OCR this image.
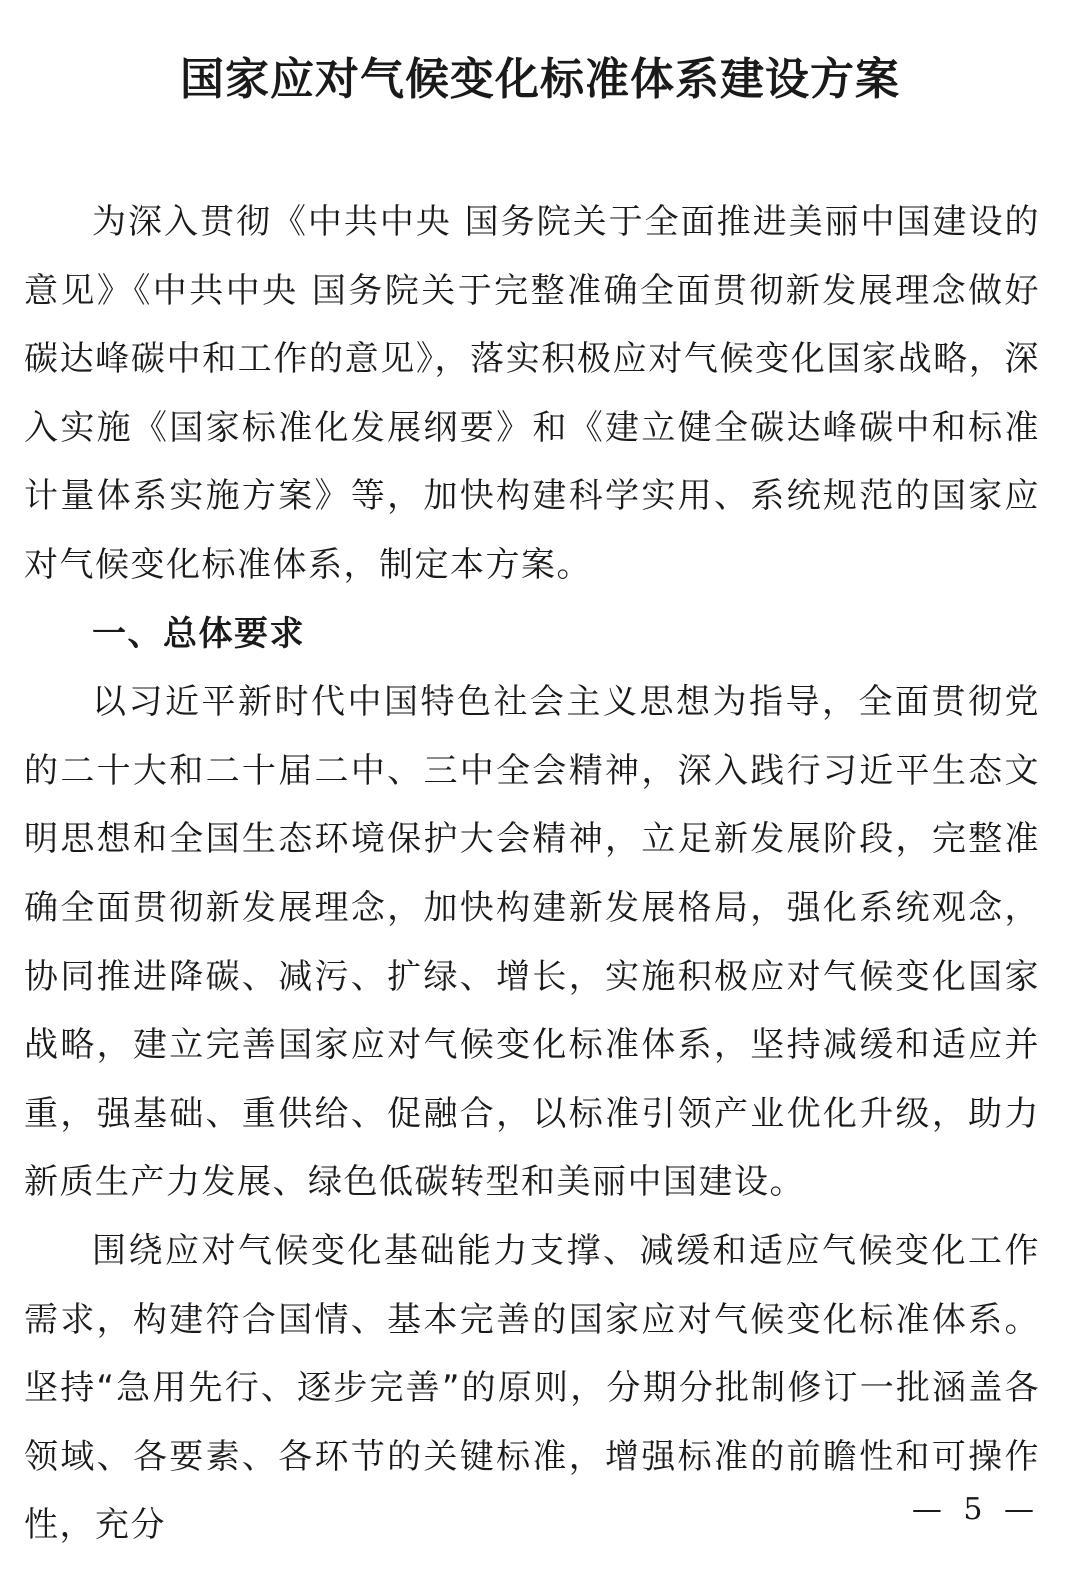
国家应对气候变化标准体系建设方案

为深入贯彻《中共中央 国务院关于全面推进美丽中国建设的意见》《中共中央 国务院关于完整准确全面贯彻新发展理念做好碳达峰碳中和工作的意见》，落实积极应对气候变化国家战略，深入实施《国家标准化发展纲要》和《建立健全碳达峰碳中和标准计量体系实施方案》等，加快构建科学实用、系统规范的国家应对气候变化标准体系，制定本方案。

一、总体要求

以习近平新时代中国特色社会主义思想为指导，全面贯彻党的二十大和二十届二中、三中全会精神，深入践行习近平生态文明思想和全国生态环境保护大会精神，立足新发展阶段，完整准确全面贯彻新发展理念，加快构建新发展格局，强化系统观念，协同推进降碳、减污、扩绿、增长，实施积极应对气候变化国家战略，建立完善国家应对气候变化标准体系，坚持减缓和适应并重，强基础、重供给、促融合，以标准引领产业优化升级，助力新质生产力发展、绿色低碳转型和美丽中国建设。

围绕应对气候变化基础能力支撑、减缓和适应气候变化工作需求，构建符合国情、基本完善的国家应对气候变化标准体系。坚持“急用先行、逐步完善”的原则，分期分批制修订一批涵盖各领域、各要素、各环节的关键标准，增强标准的前瞻性和可操作性，充分	— 5 —
